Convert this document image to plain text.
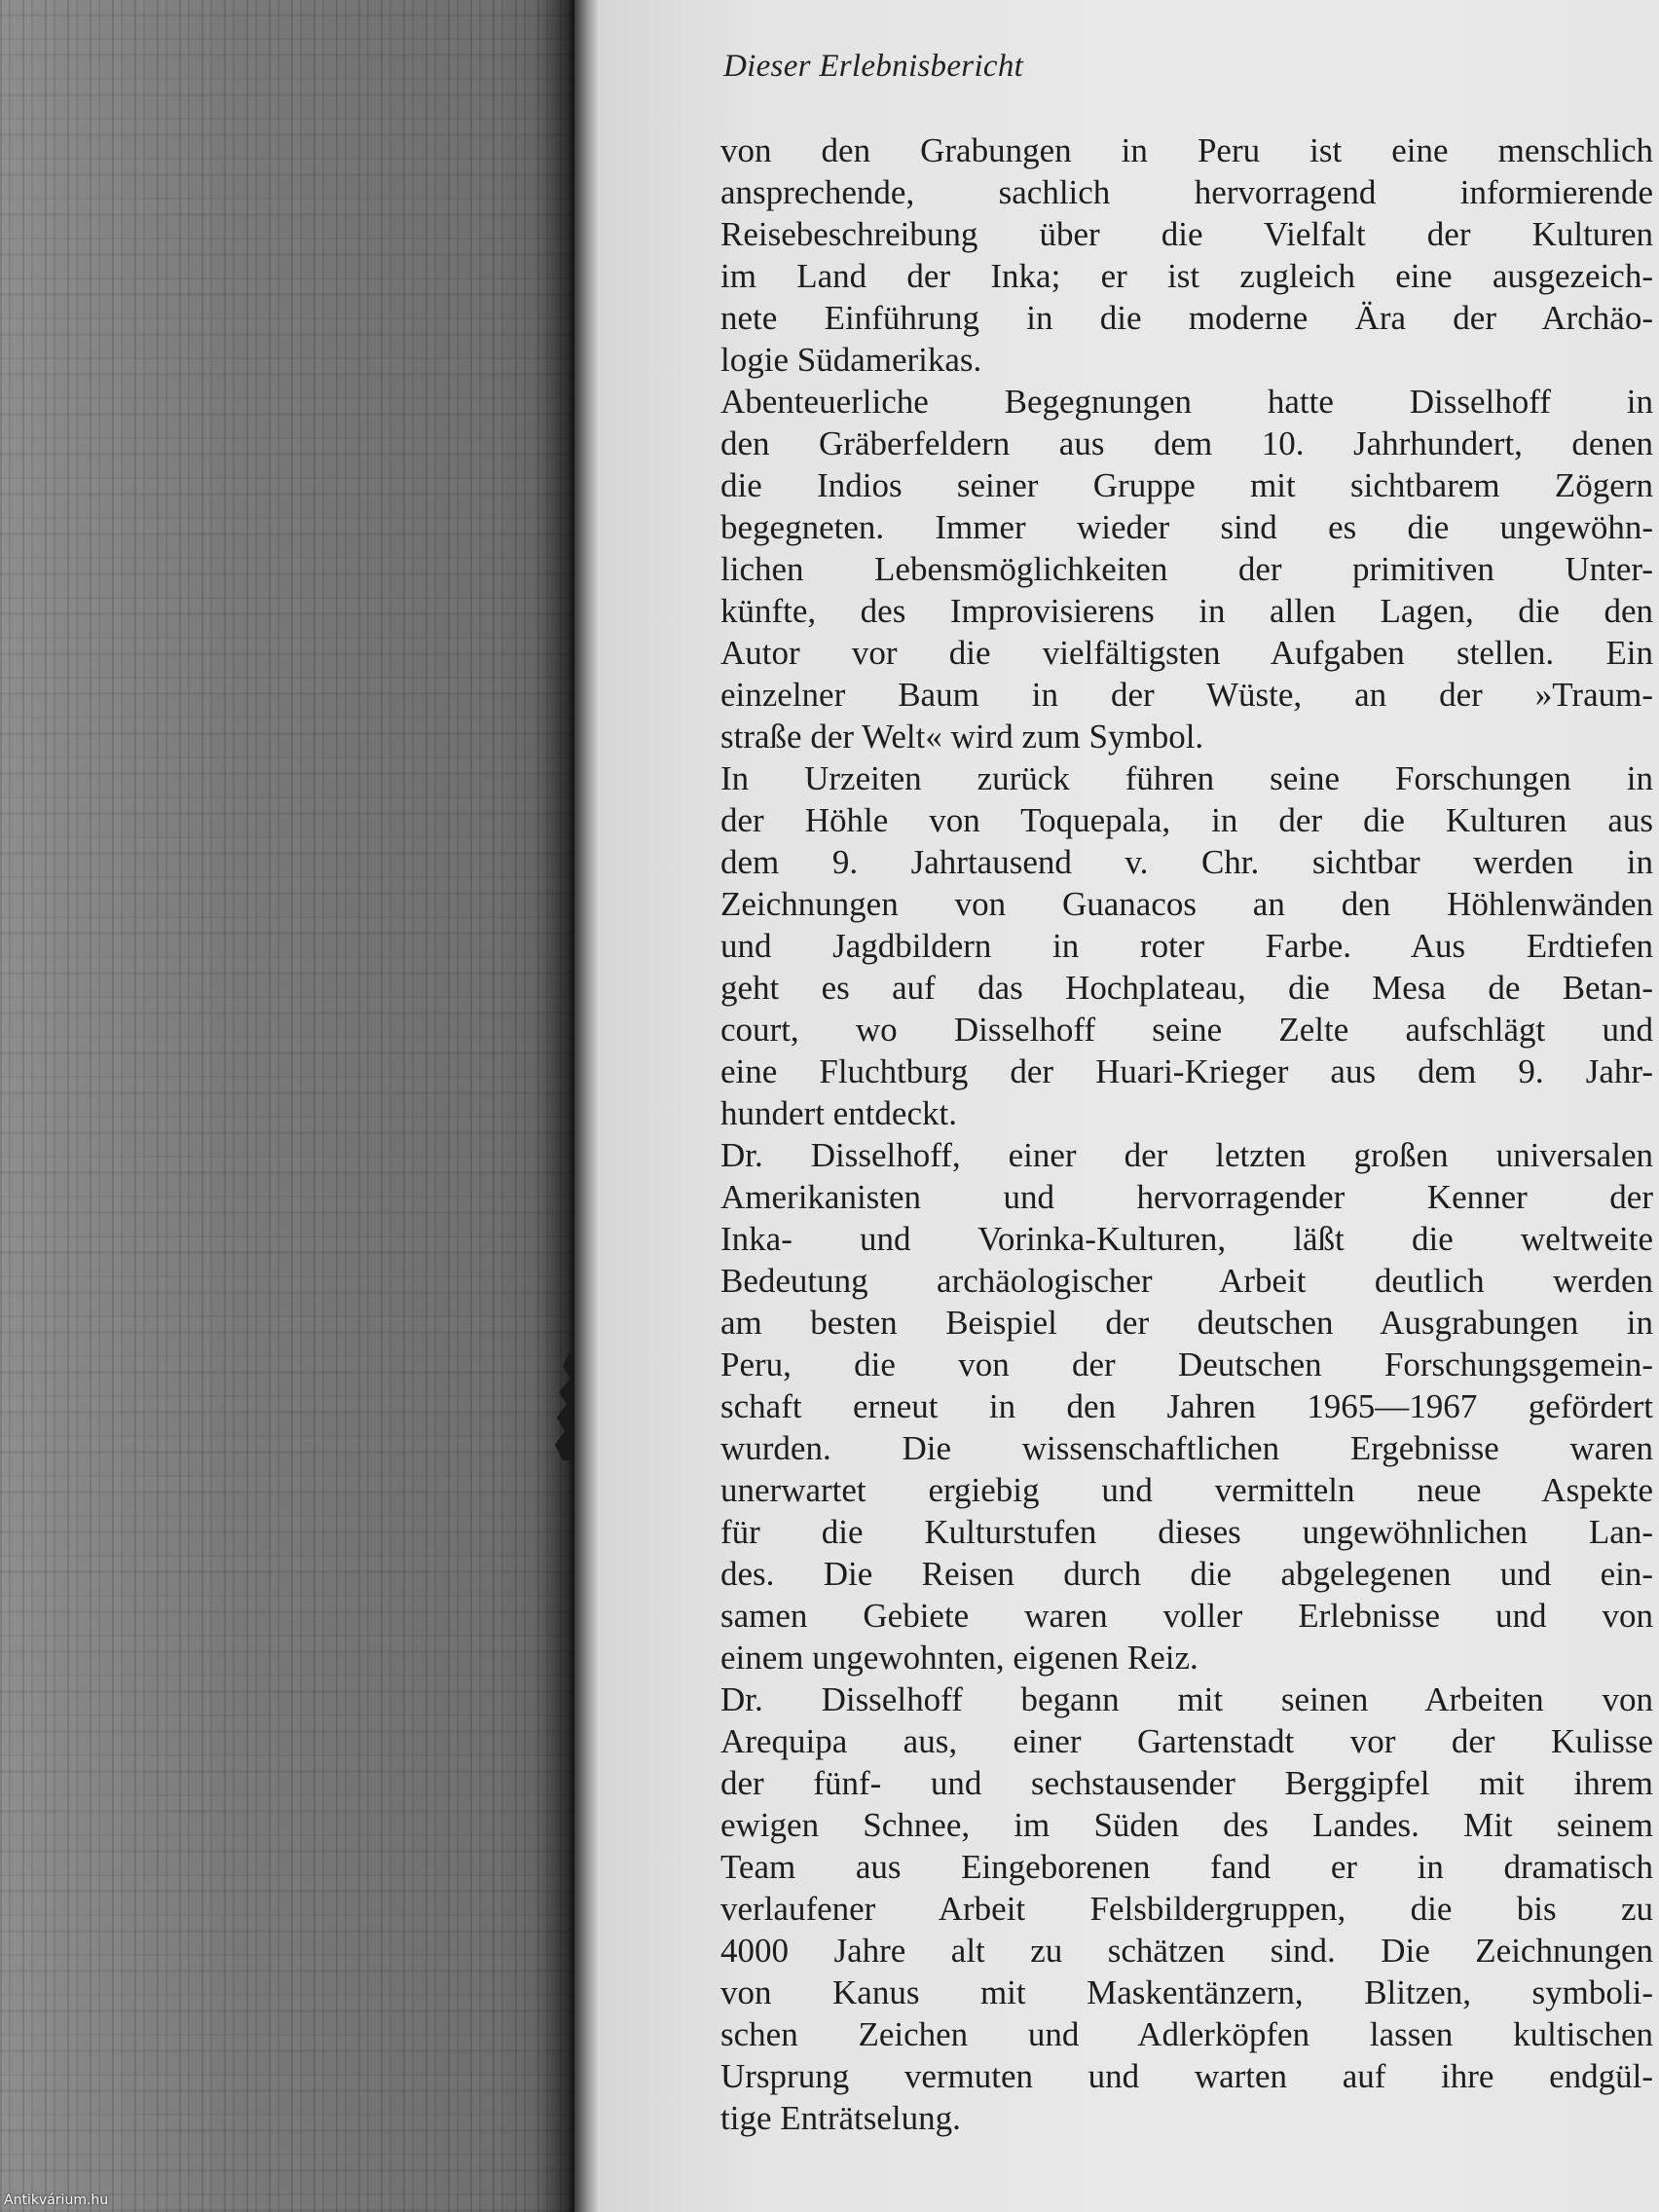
Dieser Erlebnisbericht
von den Grabungen in Peru ist eine menschlich
ansprechende, sachlich hervorragend informierende
Reisebeschreibung über die Vielfalt der Kulturen
im Land der Inka; er ist zugleich eine ausgezeich-
nete Einführung in die moderne Ära der Archäo-
logie Südamerikas.
Abenteuerliche Begegnungen hatte Disselhoff in
den Gräberfeldern aus dem 10. Jahrhundert, denen
die Indios seiner Gruppe mit sichtbarem Zögern
begegneten. Immer wieder sind es die ungewöhn-
lichen Lebensmöglichkeiten der primitiven Unter-
künfte, des Improvisierens in allen Lagen, die den
Autor vor die vielfältigsten Aufgaben stellen. Ein
einzelner Baum in der Wüste, an der »Traum-
straße der Welt« wird zum Symbol.
In Urzeiten zurück führen seine Forschungen in
der Höhle von Toquepala, in der die Kulturen aus
dem 9. Jahrtausend v. Chr. sichtbar werden in
Zeichnungen von Guanacos an den Höhlenwänden
und Jagdbildern in roter Farbe. Aus Erdtiefen
geht es auf das Hochplateau, die Mesa de Betan-
court, wo Disselhoff seine Zelte aufschlägt und
eine Fluchtburg der Huari-Krieger aus dem 9. Jahr-
hundert entdeckt.
Dr. Disselhoff, einer der letzten großen universalen
Amerikanisten und hervorragender Kenner der
Inka- und Vorinka-Kulturen, läßt die weltweite
Bedeutung archäologischer Arbeit deutlich werden
am besten Beispiel der deutschen Ausgrabungen in
Peru, die von der Deutschen Forschungsgemein-
schaft erneut in den Jahren 1965—1967 gefördert
wurden. Die wissenschaftlichen Ergebnisse waren
unerwartet ergiebig und vermitteln neue Aspekte
für die Kulturstufen dieses ungewöhnlichen Lan-
des. Die Reisen durch die abgelegenen und ein-
samen Gebiete waren voller Erlebnisse und von
einem ungewohnten, eigenen Reiz.
Dr. Disselhoff begann mit seinen Arbeiten von
Arequipa aus, einer Gartenstadt vor der Kulisse
der fünf- und sechstausender Berggipfel mit ihrem
ewigen Schnee, im Süden des Landes. Mit seinem
Team aus Eingeborenen fand er in dramatisch
verlaufener Arbeit Felsbildergruppen, die bis zu
4000 Jahre alt zu schätzen sind. Die Zeichnungen
von Kanus mit Maskentänzern, Blitzen, symboli-
schen Zeichen und Adlerköpfen lassen kultischen
Ursprung vermuten und warten auf ihre endgül-
tige Enträtselung.
Antikvárium.hu
